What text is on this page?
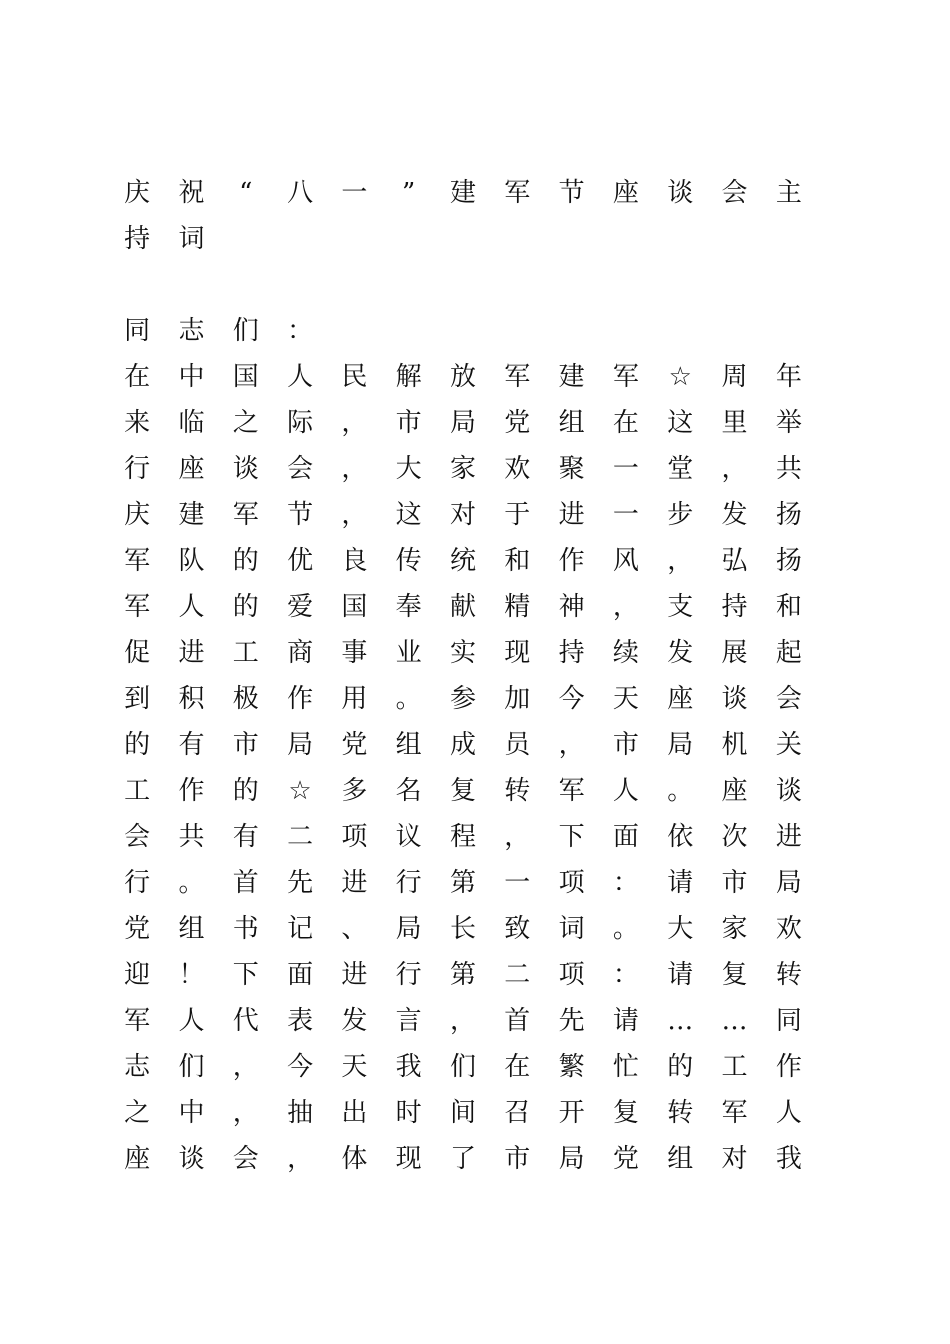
庆	祝	“	八	一	”	建	军	节	座	谈	会	主
持	词
同	志	们	：
在	中	国	人	民	解	放	军	建	军	☆	周	年
来	临	之	际	，	市	局	党	组	在	这	里	举
行	座	谈	会	，	大	家	欢	聚	一	堂	，	共
庆	建	军	节	，	这	对	于	进	一	步	发	扬
军	队	的	优	良	传	统	和	作	风	，	弘	扬
军	人	的	爱	国	奉	献	精	神	，	支	持	和
促	进	工	商	事	业	实	现	持	续	发	展	起
到	积	极	作	用	。	参	加	今	天	座	谈	会
的	有	市	局	党	组	成	员	，	市	局	机	关
工	作	的	☆	多	名	复	转	军	人	。	座	谈
会	共	有	二	项	议	程	，	下	面	依	次	进
行	。	首	先	进	行	第	一	项	：	请	市	局
党	组	书	记	、	局	长	致	词	。	大	家	欢
迎	！	下	面	进	行	第	二	项	：	请	复	转
军	人	代	表	发	言	，	首	先	请	…	…	同
志	们	，	今	天	我	们	在	繁	忙	的	工	作
之	中	，	抽	出	时	间	召	开	复	转	军	人
座	谈	会	，	体	现	了	市	局	党	组	对	我
